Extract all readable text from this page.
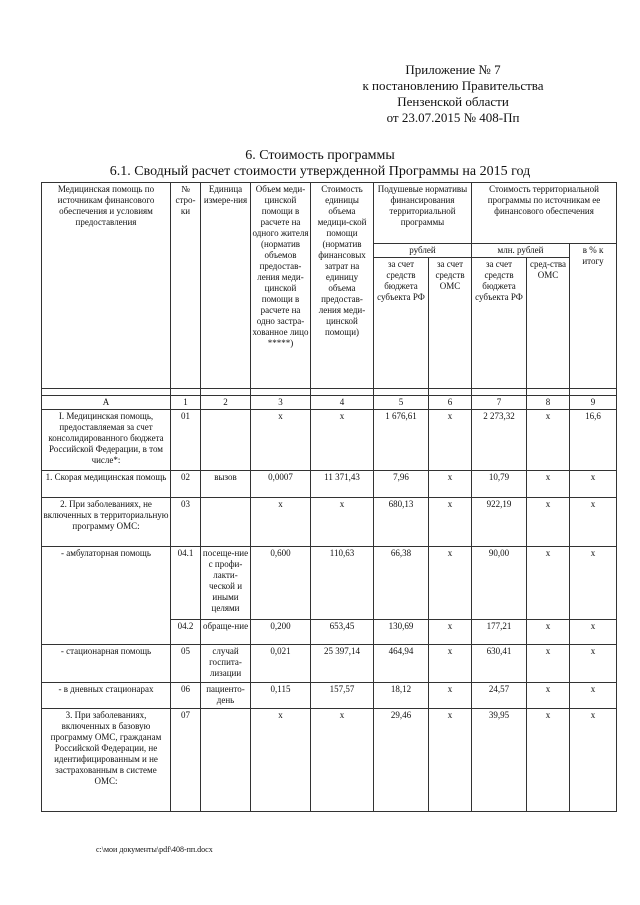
Приложение № 7
к постановлению Правительства
Пензенской области
от 23.07.2015 № 408-Пп
6. Стоимость программы
6.1. Сводный расчет стоимости утвержденной Программы на 2015 год
Медицинская помощь по источникам финансового обеспечения и условиям предоставления	№ стро-ки	Единица измере-ния	Объем меди-цинской помощи в расчете на одного жителя (норматив объемов предостав-ления меди-цинской помощи в расчете на одно застра-хованное лицо *****)	Стоимость единицы объема медици-ской помощи (норматив финансовых затрат на единицу объема предостав-ления меди-цинской помощи)	Подушевые нормативы финансирования территориальной программы		Стоимость территориальной программы по источникам ее финансового обеспечения		
					рублей		млн. рублей		в % к итогу
					за счет средств бюджета субъекта РФ	за счет средств ОМС	за счет средств бюджета субъекта РФ	сред-ства ОМС	

А	1	2	3	4	5	6	7	8	9
I. Медицинская помощь, предоставляемая за счет консолидированного бюджета Российской Федерации, в том числе*:	01		x	x	1 676,61	x	2 273,32	x	16,6
1. Скорая медицинская помощь	02	вызов	0,0007	11 371,43	7,96	x	10,79	x	x
2. При заболеваниях, не включенных в территориальную программу ОМС:	03		x	x	680,13	x	922,19	x	x
- амбулаторная помощь	04.1	посеще-ние с профи-лакти-ческой и иными целями	0,600	110,63	66,38	x	90,00	x	x
	04.2	обраще-ние	0,200	653,45	130,69	x	177,21	x	x
- стационарная помощь	05	случай госпита-лизации	0,021	25 397,14	464,94	x	630,41	x	x
- в дневных стационарах	06	пациенто-день	0,115	157,57	18,12	x	24,57	x	x
3. При заболеваниях, включенных в базовую программу ОМС, гражданам Российской Федерации, не идентифицированным и не застрахованным в системе ОМС:	07		x	x	29,46	x	39,95	x	x
c:\мои документы\pdf\408-пп.docx
